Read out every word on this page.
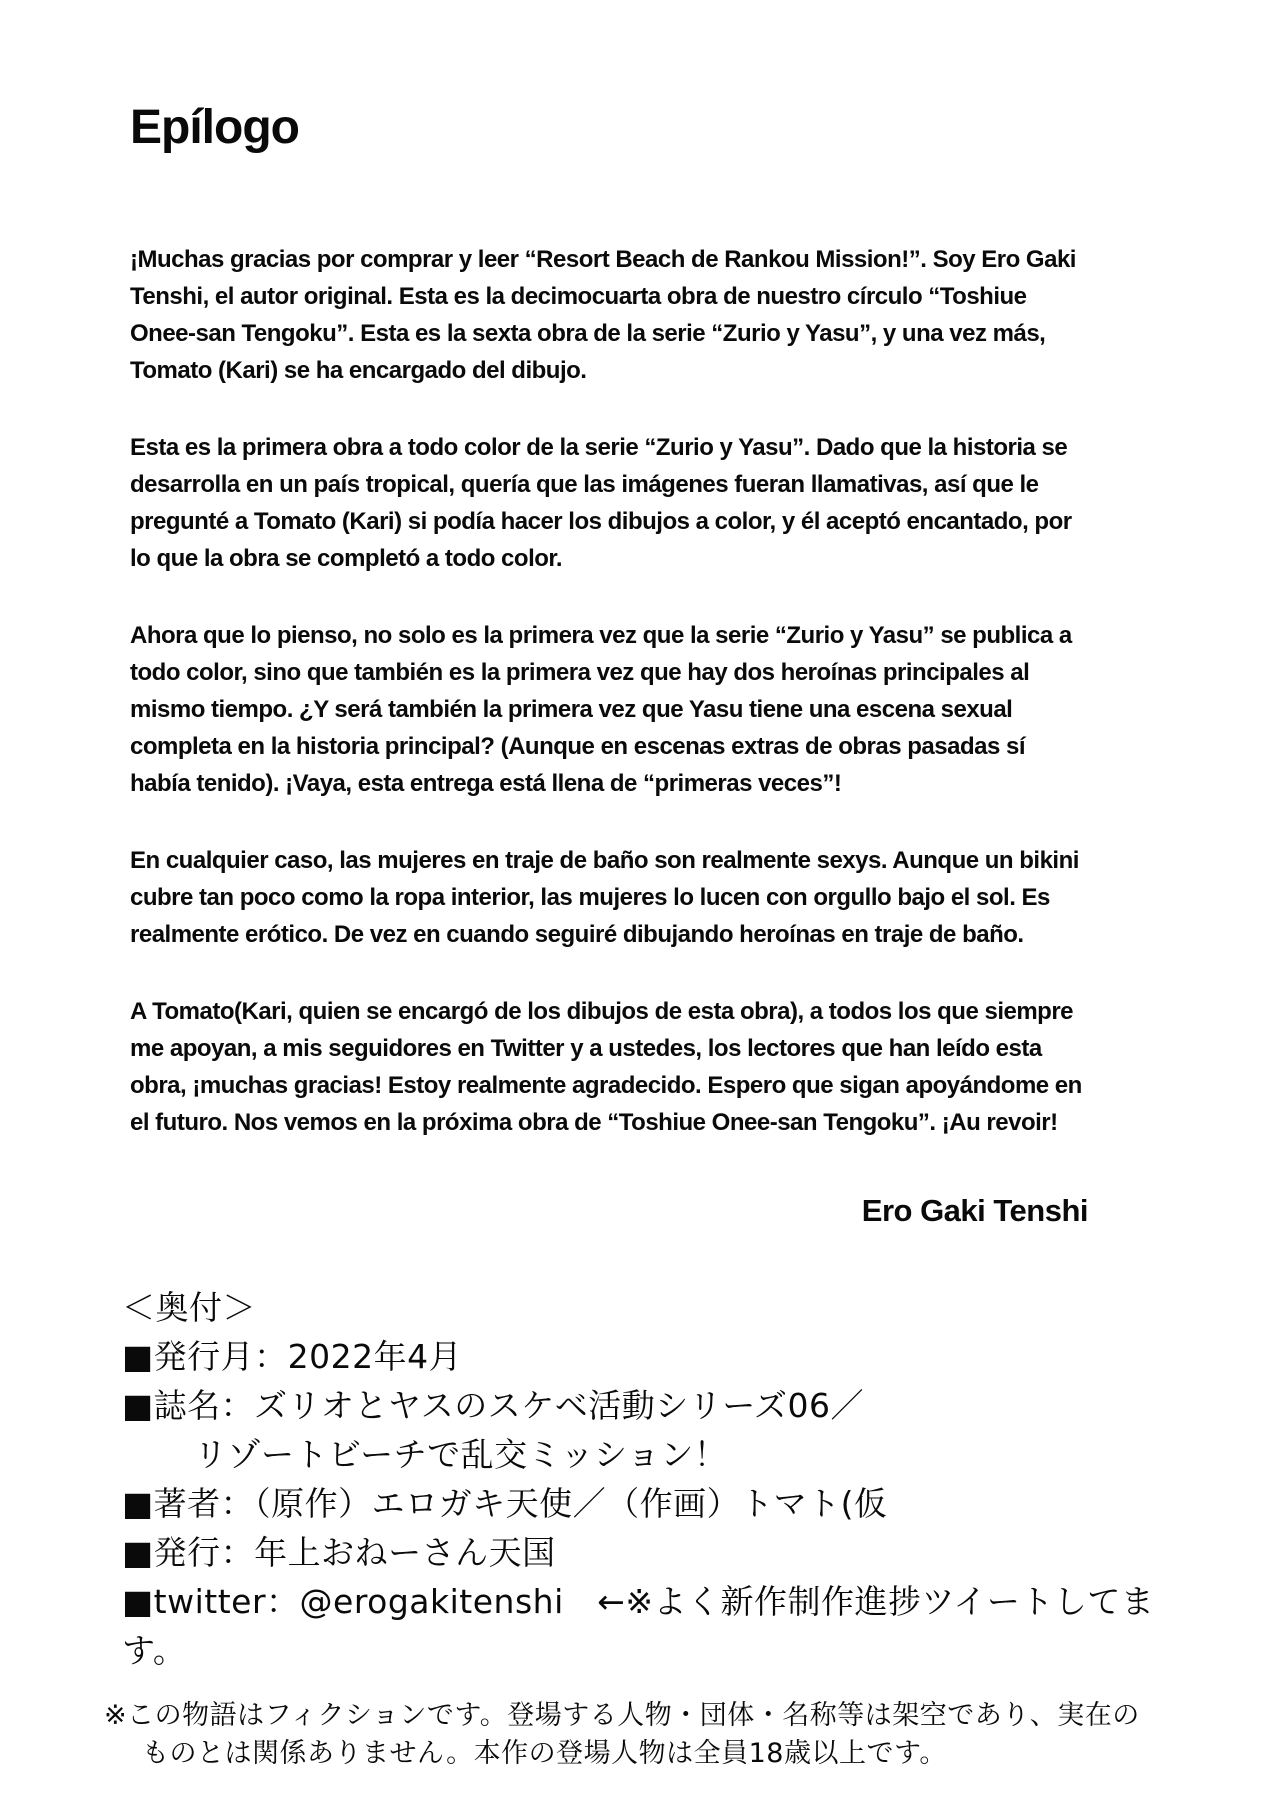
Epílogo

¡Muchas gracias por comprar y leer “Resort Beach de Rankou Mission!”. Soy Ero Gaki Tenshi, el autor original. Esta es la decimocuarta obra de nuestro círculo “Toshiue Onee-san Tengoku”. Esta es la sexta obra de la serie “Zurio y Yasu”, y una vez más, Tomato (Kari) se ha encargado del dibujo.

Esta es la primera obra a todo color de la serie “Zurio y Yasu”. Dado que la historia se desarrolla en un país tropical, quería que las imágenes fueran llamativas, así que le pregunté a Tomato (Kari) si podía hacer los dibujos a color, y él aceptó encantado, por lo que la obra se completó a todo color.

Ahora que lo pienso, no solo es la primera vez que la serie “Zurio y Yasu” se publica a todo color, sino que también es la primera vez que hay dos heroínas principales al mismo tiempo. ¿Y será también la primera vez que Yasu tiene una escena sexual completa en la historia principal? (Aunque en escenas extras de obras pasadas sí había tenido). ¡Vaya, esta entrega está llena de “primeras veces”!

En cualquier caso, las mujeres en traje de baño son realmente sexys. Aunque un bikini cubre tan poco como la ropa interior, las mujeres lo lucen con orgullo bajo el sol. Es realmente erótico. De vez en cuando seguiré dibujando heroínas en traje de baño.

A Tomato(Kari, quien se encargó de los dibujos de esta obra), a todos los que siempre me apoyan, a mis seguidores en Twitter y a ustedes, los lectores que han leído esta obra, ¡muchas gracias! Estoy realmente agradecido. Espero que sigan apoyándome en el futuro. Nos vemos en la próxima obra de “Toshiue Onee-san Tengoku”. ¡Au revoir!

Ero Gaki Tenshi
＜奥付＞
■発行月：2022年4月
■誌名：ズリオとヤスのスケベ活動シリーズ06／
リゾートビーチで乱交ミッション！
■著者：（原作）エロガキ天使／（作画）トマト(仮
■発行：年上おねーさん天国
■twitter：@erogakitenshi　←※よく新作制作進捗ツイートしてます。
※この物語はフィクションです。登場する人物・団体・名称等は架空であり、実在の
ものとは関係ありません。本作の登場人物は全員18歳以上です。
